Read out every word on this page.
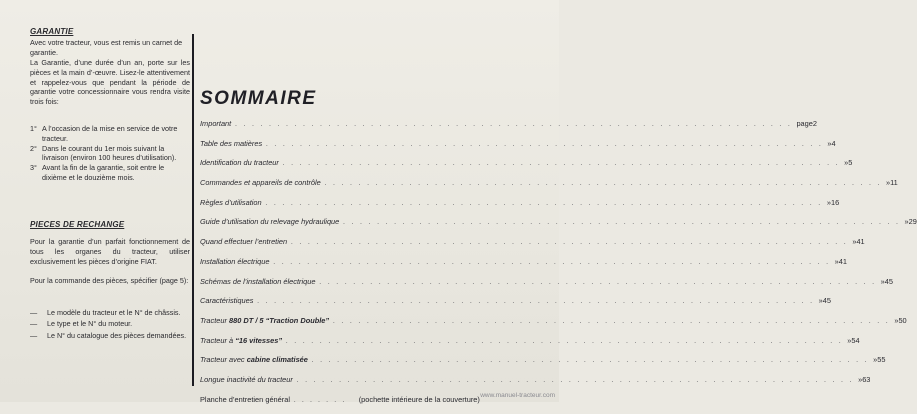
GARANTIE
Avec votre tracteur, vous est remis un carnet de garantie.
La Garantie, d’une durée d’un an, porte sur les pièces et la main d’-œuvre. Lisez-le attentivement et rappelez-vous que pendant la période de garantie votre concessionnaire vous rendra visite trois fois:
1° A l’occasion de la mise en service de votre tracteur.
2° Dans le courant du 1er mois suivant la livraison (environ 100 heures d’utilisation).
3° Avant la fin de la garantie, soit entre le dixième et le douzième mois.
PIECES DE RECHANGE
Pour la garantie d’un parfait fonctionnement de tous les organes du tracteur, utiliser exclusivement les pièces d’origine FIAT.
Pour la commande des pièces, spécifier (page 5):
—	Le modèle du tracteur et le N° de châssis.
—	Le type et le N° du moteur.
—	Le N° du catalogue des pièces demandées.
SOMMAIRE
Important . . . . . . . . . . . . . . . . . . . . . . . . . . . . . . . . . . . . . . . . . . . . . . . . . . . . . . . . . . . . . . . . . . page 2
Table des matières . . . . . . . . . . . . . . . . . . . . . . . . . . . . . . . . . . . . . . . . . . . . . . . . . . . . . . . . . . . . . . . . . . » 4
Identification du tracteur . . . . . . . . . . . . . . . . . . . . . . . . . . . . . . . . . . . . . . . . . . . . . . . . . . . . . . . . . . . . . . . . . . » 5
Commandes et appareils de contrôle . . . . . . . . . . . . . . . . . . . . . . . . . . . . . . . . . . . . . . . . . . . . . . . . . . . . . . . . . . . . . . . . . . » 11
Règles d’utilisation . . . . . . . . . . . . . . . . . . . . . . . . . . . . . . . . . . . . . . . . . . . . . . . . . . . . . . . . . . . . . . . . . . » 16
Guide d’utilisation du relevage hydraulique . . . . . . . . . . . . . . . . . . . . . . . . . . . . . . . . . . . . . . . . . . . . . . . . . . . . . . . . . . . . . . . . . . » 29
Quand effectuer l’entretien . . . . . . . . . . . . . . . . . . . . . . . . . . . . . . . . . . . . . . . . . . . . . . . . . . . . . . . . . . . . . . . . . . » 41
Installation électrique . . . . . . . . . . . . . . . . . . . . . . . . . . . . . . . . . . . . . . . . . . . . . . . . . . . . . . . . . . . . . . . . . . » 41
Schémas de l’installation électrique . . . . . . . . . . . . . . . . . . . . . . . . . . . . . . . . . . . . . . . . . . . . . . . . . . . . . . . . . . . . . . . . . . » 45
Caractéristiques . . . . . . . . . . . . . . . . . . . . . . . . . . . . . . . . . . . . . . . . . . . . . . . . . . . . . . . . . . . . . . . . . . » 45
Tracteur 880 DT / 5 “Traction Double” . . . . . . . . . . . . . . . . . . . . . . . . . . . . . . . . . . . . . . . . . . . . . . . . . . . . . . . . . . . . . . . . . . » 50
Tracteur à “16 vitesses” . . . . . . . . . . . . . . . . . . . . . . . . . . . . . . . . . . . . . . . . . . . . . . . . . . . . . . . . . . . . . . . . . . » 54
Tracteur avec cabine climatisée . . . . . . . . . . . . . . . . . . . . . . . . . . . . . . . . . . . . . . . . . . . . . . . . . . . . . . . . . . . . . . . . . . » 55
Longue inactivité du tracteur . . . . . . . . . . . . . . . . . . . . . . . . . . . . . . . . . . . . . . . . . . . . . . . . . . . . . . . . . . . . . . . . . . » 63
Planche d’entretien général . . . . . . . (pochette intérieure de la couverture) www.manuel-tracteur.com
